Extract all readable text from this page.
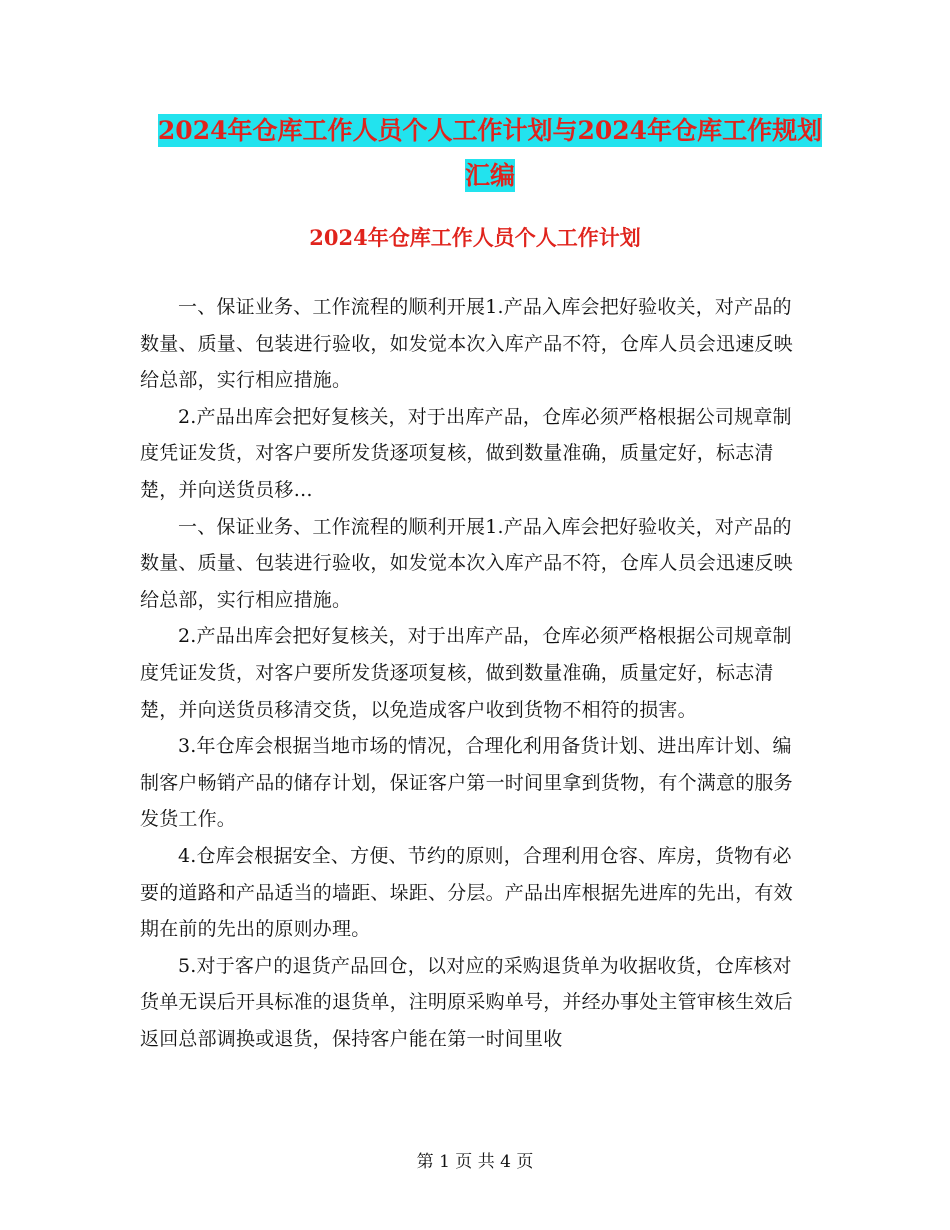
2024年仓库工作人员个人工作计划与2024年仓库工作规划汇编
2024年仓库工作人员个人工作计划

一、保证业务、工作流程的顺利开展1.产品入库会把好验收关，对产品的数量、质量、包装进行验收，如发觉本次入库产品不符，仓库人员会迅速反映给总部，实行相应措施。

2.产品出库会把好复核关，对于出库产品，仓库必须严格根据公司规章制度凭证发货，对客户要所发货逐项复核，做到数量准确，质量定好，标志清楚，并向送货员移…

一、保证业务、工作流程的顺利开展1.产品入库会把好验收关，对产品的数量、质量、包装进行验收，如发觉本次入库产品不符，仓库人员会迅速反映给总部，实行相应措施。

2.产品出库会把好复核关，对于出库产品，仓库必须严格根据公司规章制度凭证发货，对客户要所发货逐项复核，做到数量准确，质量定好，标志清楚，并向送货员移清交货，以免造成客户收到货物不相符的损害。

3.年仓库会根据当地市场的情况，合理化利用备货计划、进出库计划、编制客户畅销产品的储存计划，保证客户第一时间里拿到货物，有个满意的服务发货工作。

4.仓库会根据安全、方便、节约的原则，合理利用仓容、库房，货物有必要的道路和产品适当的墙距、垛距、分层。产品出库根据先进库的先出，有效期在前的先出的原则办理。

5.对于客户的退货产品回仓，以对应的采购退货单为收据收货，仓库核对货单无误后开具标准的退货单，注明原采购单号，并经办事处主管审核生效后返回总部调换或退货，保持客户能在第一时间里收

第 1 页 共 4 页
